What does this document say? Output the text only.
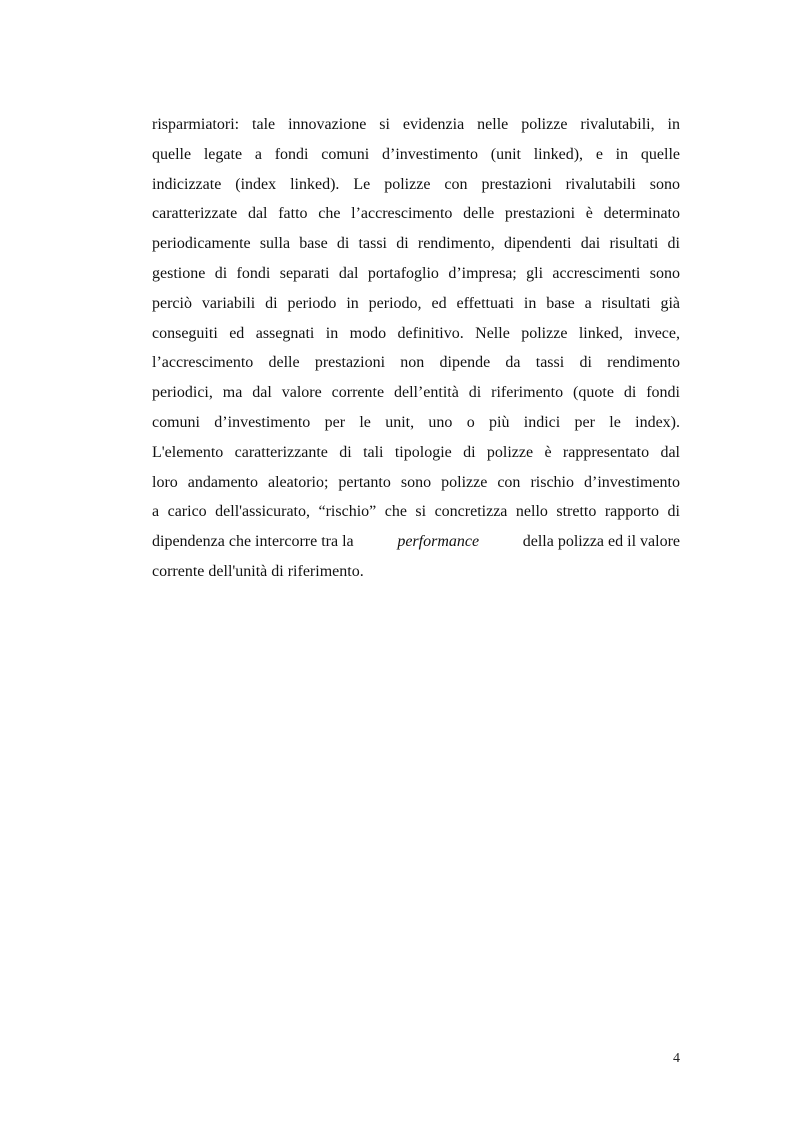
risparmiatori: tale innovazione si evidenzia nelle polizze rivalutabili, in
quelle legate a fondi comuni d’investimento (unit linked), e in quelle
indicizzate (index linked). Le polizze con prestazioni rivalutabili sono
caratterizzate dal fatto che l’accrescimento delle prestazioni è determinato
periodicamente sulla base di tassi di rendimento, dipendenti dai risultati di
gestione di fondi separati dal portafoglio d’impresa; gli accrescimenti sono
perciò variabili di periodo in periodo, ed effettuati in base a risultati già
conseguiti ed assegnati in modo definitivo. Nelle polizze linked, invece,
l’accrescimento delle prestazioni non dipende da tassi di rendimento
periodici, ma dal valore corrente dell’entità di riferimento (quote di fondi
comuni d’investimento per le unit, uno o più indici per le index).
L'elemento caratterizzante di tali tipologie di polizze è rappresentato dal
loro andamento aleatorio; pertanto sono polizze con rischio d’investimento
a carico dell'assicurato, “rischio” che si concretizza nello stretto rapporto di
dipendenza che intercorre tra la	performance	della polizza ed il valore
corrente dell'unità di riferimento.
4
